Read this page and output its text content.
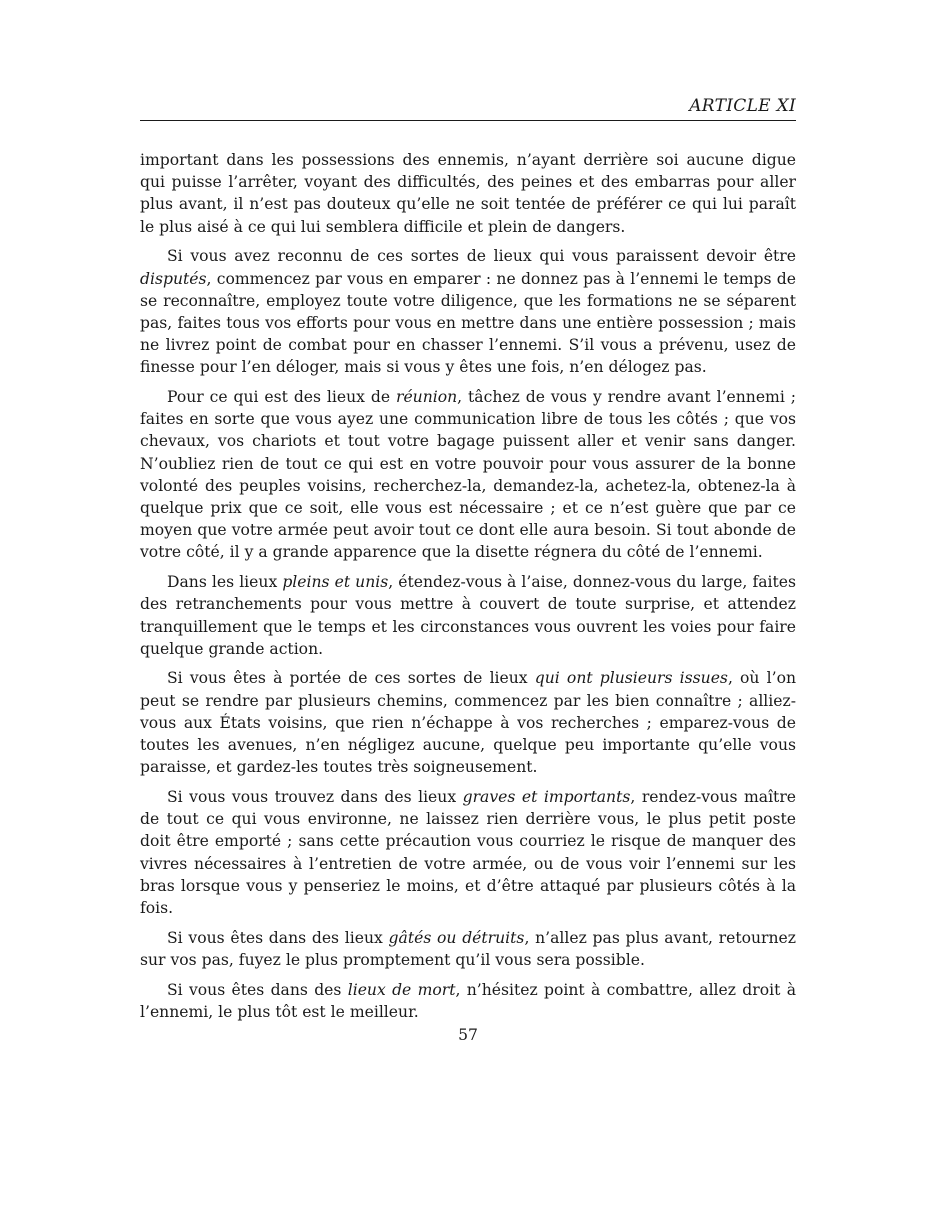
ARTICLE XI

important dans les possessions des ennemis, n’ayant derrière soi aucune digue qui puisse l’arrêter, voyant des difficultés, des peines et des embarras pour aller plus avant, il n’est pas douteux qu’elle ne soit tentée de préférer ce qui lui paraît le plus aisé à ce qui lui semblera difficile et plein de dangers.

Si vous avez reconnu de ces sortes de lieux qui vous paraissent devoir être disputés, commencez par vous en emparer : ne donnez pas à l’ennemi le temps de se reconnaître, employez toute votre diligence, que les formations ne se séparent pas, faites tous vos efforts pour vous en mettre dans une entière possession ; mais ne livrez point de combat pour en chasser l’ennemi. S’il vous a prévenu, usez de finesse pour l’en déloger, mais si vous y êtes une fois, n’en délogez pas.

Pour ce qui est des lieux de réunion, tâchez de vous y rendre avant l’ennemi ; faites en sorte que vous ayez une communication libre de tous les côtés ; que vos chevaux, vos chariots et tout votre bagage puissent aller et venir sans danger. N’oubliez rien de tout ce qui est en votre pouvoir pour vous assurer de la bonne volonté des peuples voisins, recherchez-la, demandez-la, achetez-la, obtenez-la à quelque prix que ce soit, elle vous est nécessaire ; et ce n’est guère que par ce moyen que votre armée peut avoir tout ce dont elle aura besoin. Si tout abonde de votre côté, il y a grande apparence que la disette régnera du côté de l’ennemi.

Dans les lieux pleins et unis, étendez-vous à l’aise, donnez-vous du large, faites des retranchements pour vous mettre à couvert de toute surprise, et attendez tranquillement que le temps et les circonstances vous ouvrent les voies pour faire quelque grande action.

Si vous êtes à portée de ces sortes de lieux qui ont plusieurs issues, où l’on peut se rendre par plusieurs chemins, commencez par les bien connaître ; alliez-vous aux États voisins, que rien n’échappe à vos recherches ; emparez-vous de toutes les avenues, n’en négligez aucune, quelque peu importante qu’elle vous paraisse, et gardez-les toutes très soigneusement.

Si vous vous trouvez dans des lieux graves et importants, rendez-vous maître de tout ce qui vous environne, ne laissez rien derrière vous, le plus petit poste doit être emporté ; sans cette précaution vous courriez le risque de manquer des vivres nécessaires à l’entretien de votre armée, ou de vous voir l’ennemi sur les bras lorsque vous y penseriez le moins, et d’être attaqué par plusieurs côtés à la fois.

Si vous êtes dans des lieux gâtés ou détruits, n’allez pas plus avant, retournez sur vos pas, fuyez le plus promptement qu’il vous sera possible.

Si vous êtes dans des lieux de mort, n’hésitez point à combattre, allez droit à l’ennemi, le plus tôt est le meilleur.

57
